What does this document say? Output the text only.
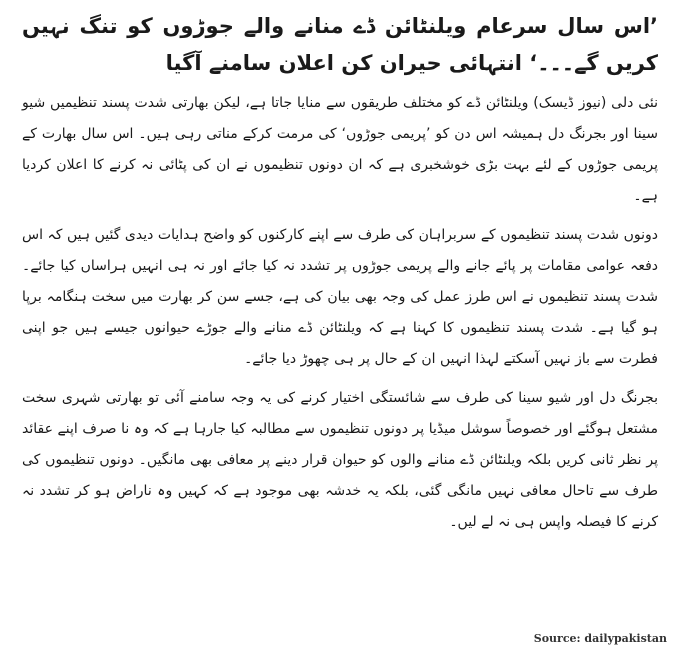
’اس سال سرعام ویلنٹائن ڈے منانے والے جوڑوں کو تنگ نہیں کریں گے۔۔۔‘ انتہائی حیران کن اعلان سامنے آگیا

نئی دلی (نیوز ڈیسک) ویلنٹائن ڈے کو مختلف طریقوں سے منایا جاتا ہے، لیکن بھارتی شدت پسند تنظیمیں شیو سینا اور بجرنگ دل ہمیشہ اس دن کو ’پریمی جوڑوں‘ کی مرمت کرکے مناتی رہی ہیں۔ اس سال بھارت کے پریمی جوڑوں کے لئے بہت بڑی خوشخبری ہے کہ ان دونوں تنظیموں نے ان کی پٹائی نہ کرنے کا اعلان کردیا ہے۔

دونوں شدت پسند تنظیموں کے سربراہان کی طرف سے اپنے کارکنوں کو واضح ہدایات دیدی گئیں ہیں کہ اس دفعہ عوامی مقامات پر پائے جانے والے پریمی جوڑوں پر تشدد نہ کیا جائے اور نہ ہی انہیں ہراساں کیا جائے۔ شدت پسند تنظیموں نے اس طرز عمل کی وجہ بھی بیان کی ہے، جسے سن کر بھارت میں سخت ہنگامہ برپا ہو گیا ہے۔ شدت پسند تنظیموں کا کہنا ہے کہ ویلنٹائن ڈے منانے والے جوڑے حیوانوں جیسے ہیں جو اپنی فطرت سے باز نہیں آسکتے لہذا انہیں ان کے حال پر ہی چھوڑ دیا جائے۔

بجرنگ دل اور شیو سینا کی طرف سے شائستگی اختیار کرنے کی یہ وجہ سامنے آئی تو بھارتی شہری سخت مشتعل ہوگئے اور خصوصاً سوشل میڈیا پر دونوں تنظیموں سے مطالبہ کیا جارہا ہے کہ وہ نا صرف اپنے عقائد پر نظر ثانی کریں بلکہ ویلنٹائن ڈے منانے والوں کو حیوان قرار دینے پر معافی بھی مانگیں۔ دونوں تنظیموں کی طرف سے تاحال معافی نہیں مانگی گئی، بلکہ یہ خدشہ بھی موجود ہے کہ کہیں وہ ناراض ہو کر تشدد نہ کرنے کا فیصلہ واپس ہی نہ لے لیں۔

Source: dailypakistan
